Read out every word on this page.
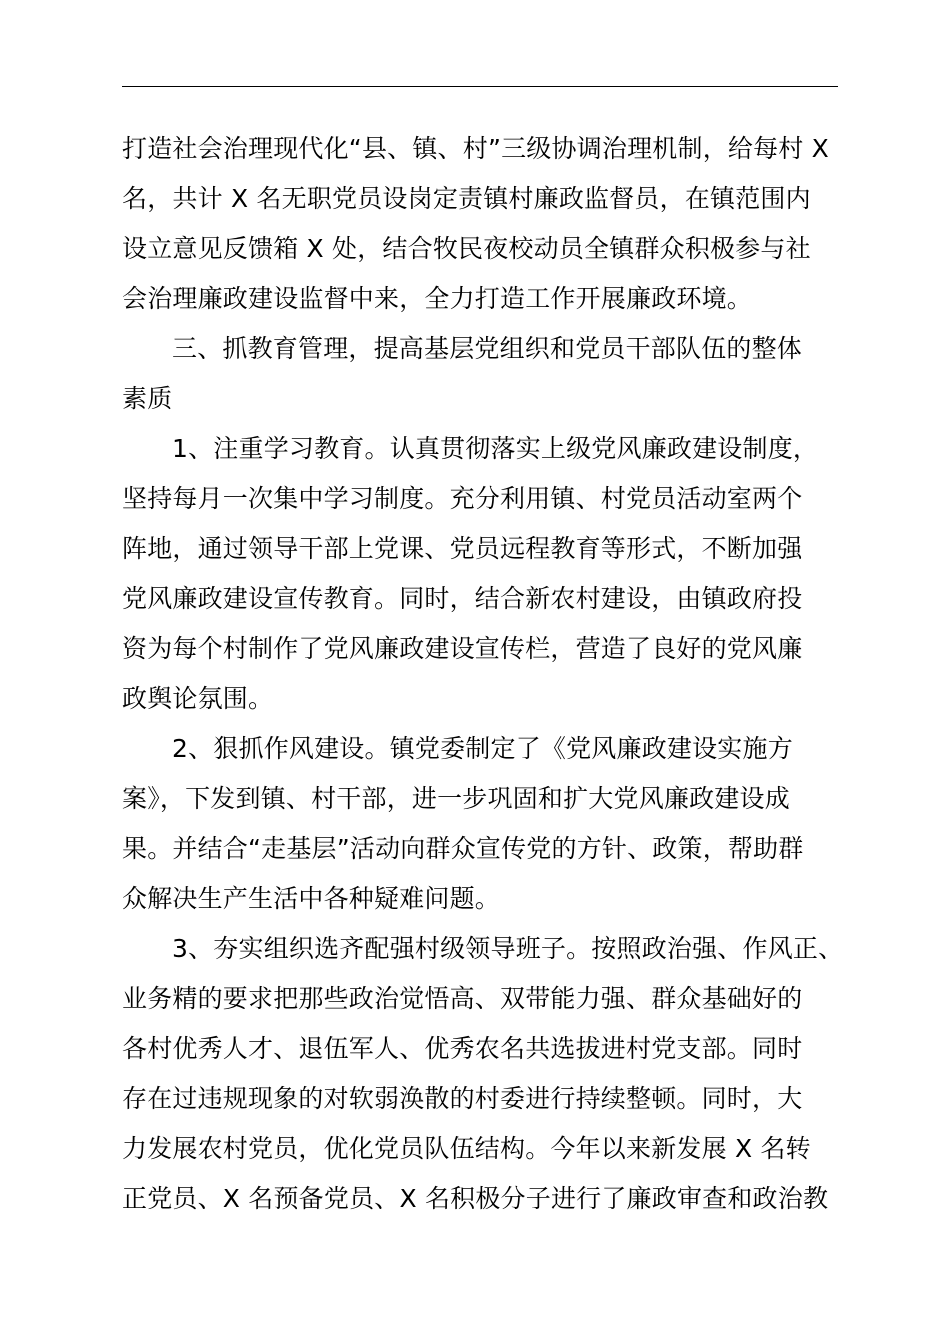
打造社会治理现代化“县、镇、村”三级协调治理机制，给每村 X
名，共计 X 名无职党员设岗定责镇村廉政监督员，在镇范围内
设立意见反馈箱 X 处，结合牧民夜校动员全镇群众积极参与社
会治理廉政建设监督中来，全力打造工作开展廉政环境。
三、抓教育管理，提高基层党组织和党员干部队伍的整体
素质
1、注重学习教育。认真贯彻落实上级党风廉政建设制度，
坚持每月一次集中学习制度。充分利用镇、村党员活动室两个
阵地，通过领导干部上党课、党员远程教育等形式，不断加强
党风廉政建设宣传教育。同时，结合新农村建设，由镇政府投
资为每个村制作了党风廉政建设宣传栏，营造了良好的党风廉
政舆论氛围。
2、狠抓作风建设。镇党委制定了《党风廉政建设实施方
案》，下发到镇、村干部，进一步巩固和扩大党风廉政建设成
果。并结合“走基层”活动向群众宣传党的方针、政策，帮助群
众解决生产生活中各种疑难问题。
3、夯实组织选齐配强村级领导班子。按照政治强、作风正、
业务精的要求把那些政治觉悟高、双带能力强、群众基础好的
各村优秀人才、退伍军人、优秀农名共选拔进村党支部。同时
存在过违规现象的对软弱涣散的村委进行持续整顿。同时，大
力发展农村党员，优化党员队伍结构。今年以来新发展 X 名转
正党员、X 名预备党员、X 名积极分子进行了廉政审查和政治教
